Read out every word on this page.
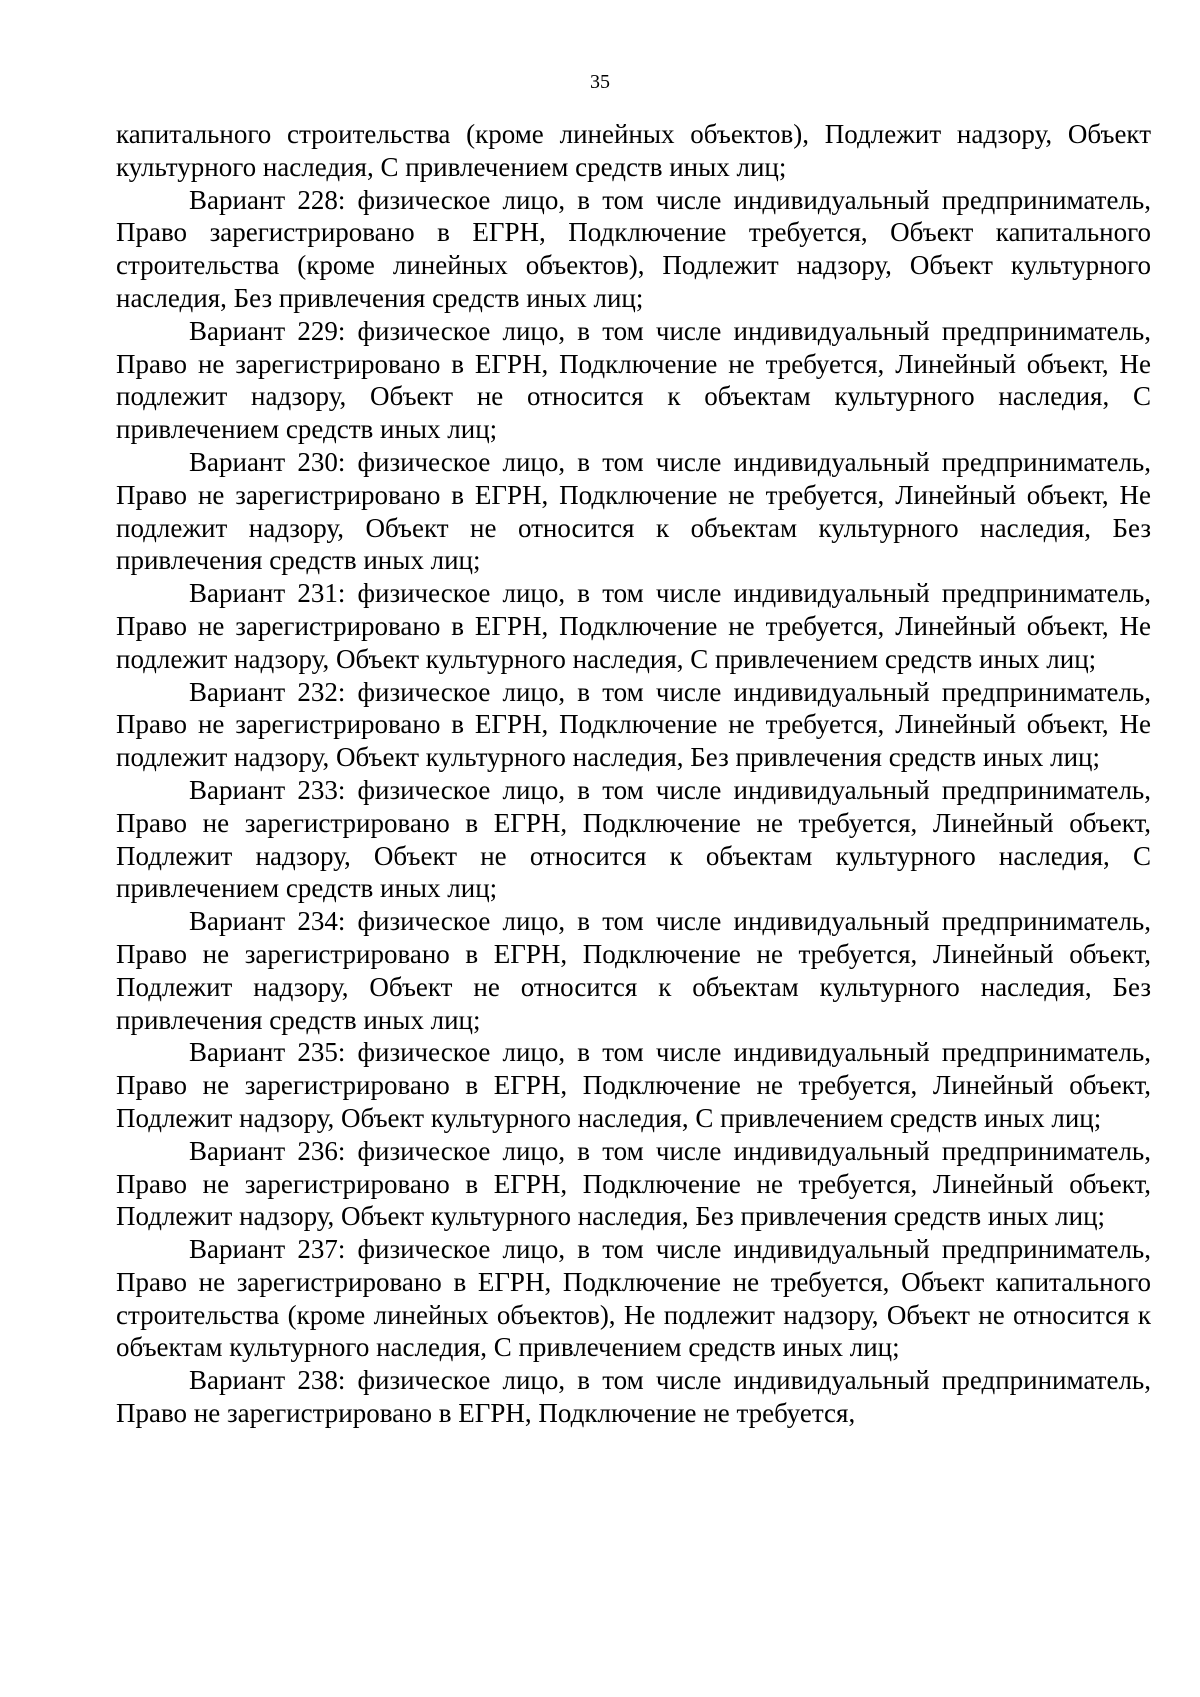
35

капитального строительства (кроме линейных объектов), Подлежит надзору, Объект культурного наследия, С привлечением средств иных лиц;

Вариант 228: физическое лицо, в том числе индивидуальный предприниматель, Право зарегистрировано в ЕГРН, Подключение требуется, Объект капитального строительства (кроме линейных объектов), Подлежит надзору, Объект культурного наследия, Без привлечения средств иных лиц;

Вариант 229: физическое лицо, в том числе индивидуальный предприниматель, Право не зарегистрировано в ЕГРН, Подключение не требуется, Линейный объект, Не подлежит надзору, Объект не относится к объектам культурного наследия, С привлечением средств иных лиц;

Вариант 230: физическое лицо, в том числе индивидуальный предприниматель, Право не зарегистрировано в ЕГРН, Подключение не требуется, Линейный объект, Не подлежит надзору, Объект не относится к объектам культурного наследия, Без привлечения средств иных лиц;

Вариант 231: физическое лицо, в том числе индивидуальный предприниматель, Право не зарегистрировано в ЕГРН, Подключение не требуется, Линейный объект, Не подлежит надзору, Объект культурного наследия, С привлечением средств иных лиц;

Вариант 232: физическое лицо, в том числе индивидуальный предприниматель, Право не зарегистрировано в ЕГРН, Подключение не требуется, Линейный объект, Не подлежит надзору, Объект культурного наследия, Без привлечения средств иных лиц;

Вариант 233: физическое лицо, в том числе индивидуальный предприниматель, Право не зарегистрировано в ЕГРН, Подключение не требуется, Линейный объект, Подлежит надзору, Объект не относится к объектам культурного наследия, С привлечением средств иных лиц;

Вариант 234: физическое лицо, в том числе индивидуальный предприниматель, Право не зарегистрировано в ЕГРН, Подключение не требуется, Линейный объект, Подлежит надзору, Объект не относится к объектам культурного наследия, Без привлечения средств иных лиц;

Вариант 235: физическое лицо, в том числе индивидуальный предприниматель, Право не зарегистрировано в ЕГРН, Подключение не требуется, Линейный объект, Подлежит надзору, Объект культурного наследия, С привлечением средств иных лиц;

Вариант 236: физическое лицо, в том числе индивидуальный предприниматель, Право не зарегистрировано в ЕГРН, Подключение не требуется, Линейный объект, Подлежит надзору, Объект культурного наследия, Без привлечения средств иных лиц;

Вариант 237: физическое лицо, в том числе индивидуальный предприниматель, Право не зарегистрировано в ЕГРН, Подключение не требуется, Объект капитального строительства (кроме линейных объектов), Не подлежит надзору, Объект не относится к объектам культурного наследия, С привлечением средств иных лиц;

Вариант 238: физическое лицо, в том числе индивидуальный предприниматель, Право не зарегистрировано в ЕГРН, Подключение не требуется,
